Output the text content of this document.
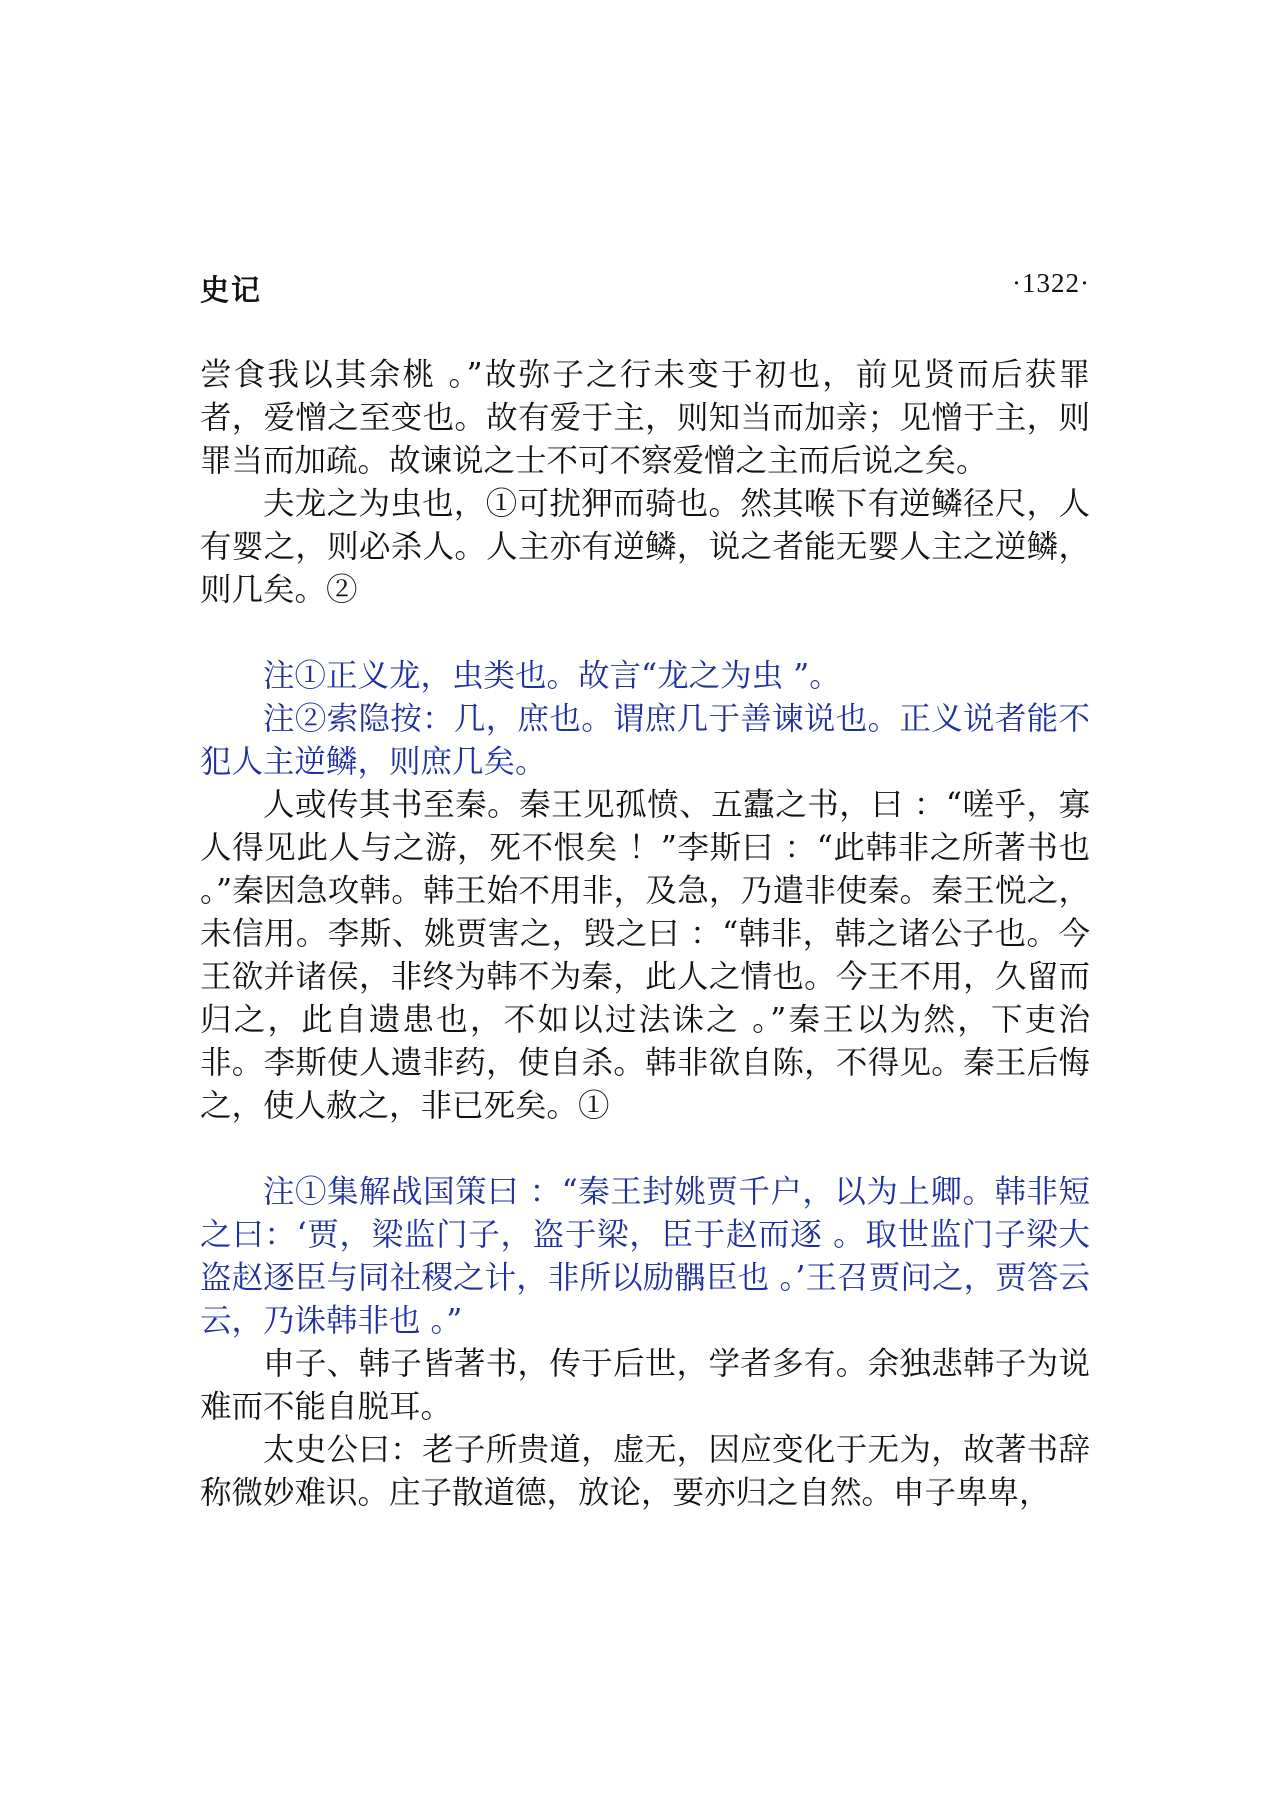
史记	·1322·

尝食我以其余桃 。”故弥子之行未变于初也，前见贤而后获罪者，爱憎之至变也。故有爱于主，则知当而加亲；见憎于主，则罪当而加疏。故谏说之士不可不察爱憎之主而后说之矣。

夫龙之为虫也，①可扰狎而骑也。然其喉下有逆鳞径尺，人有婴之，则必杀人。人主亦有逆鳞，说之者能无婴人主之逆鳞，则几矣。②

注①正义龙，虫类也。故言“龙之为虫 ”。

注②索隐按：几，庶也。谓庶几于善谏说也。正义说者能不犯人主逆鳞，则庶几矣。

人或传其书至秦。秦王见孤愤、五蠹之书，曰 ：“嗟乎，寡人得见此人与之游，死不恨矣 ！”李斯曰 ：“此韩非之所著书也 。”秦因急攻韩。韩王始不用非，及急，乃遣非使秦。秦王悦之，未信用。李斯、姚贾害之，毁之曰 ：“韩非，韩之诸公子也。今王欲并诸侯，非终为韩不为秦，此人之情也。今王不用，久留而归之，此自遗患也，不如以过法诛之 。”秦王以为然，下吏治非。李斯使人遗非药，使自杀。韩非欲自陈，不得见。秦王后悔之，使人赦之，非已死矣。①

注①集解战国策曰 ：“秦王封姚贾千户，以为上卿。韩非短之曰：‘贾，梁监门子，盗于梁，臣于赵而逐 。取世监门子梁大盗赵逐臣与同社稷之计，非所以励髃臣也 。’王召贾问之，贾答云云，乃诛韩非也 。”

申子、韩子皆著书，传于后世，学者多有。余独悲韩子为说难而不能自脱耳。

太史公曰：老子所贵道，虚无，因应变化于无为，故著书辞称微妙难识。庄子散道德，放论，要亦归之自然。申子卑卑，
